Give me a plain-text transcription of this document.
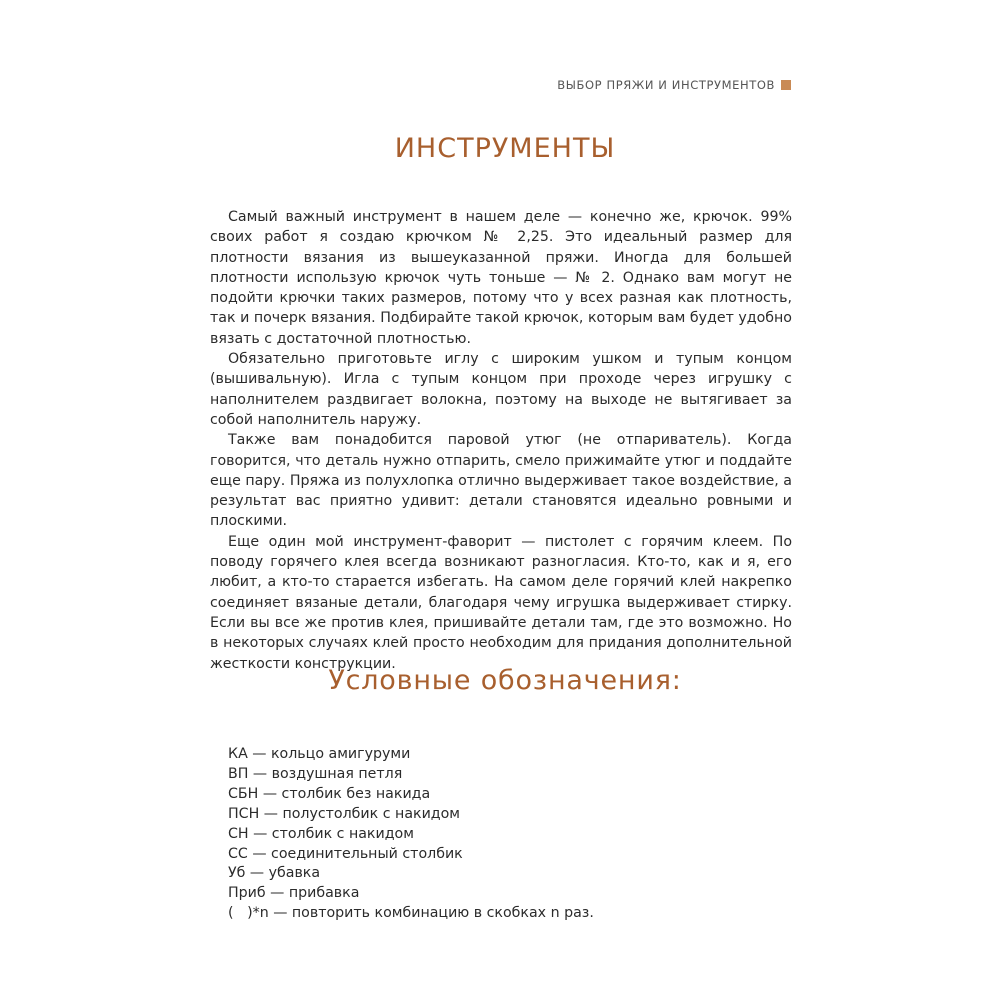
ВЫБОР ПРЯЖИ И ИНСТРУМЕНТОВ
ИНСТРУМЕНТЫ

Самый важный инструмент в нашем деле — конечно же, крючок. 99% своих работ я создаю крючком № 2,25. Это идеальный размер для плотности вязания из вышеуказанной пряжи. Иногда для большей плотности использую крючок чуть тоньше — № 2. Однако вам могут не подойти крючки таких размеров, потому что у всех разная как плотность, так и почерк вязания. Подбирайте такой крючок, которым вам будет удобно вязать с достаточной плотностью.

Обязательно приготовьте иглу с широким ушком и тупым концом (вышивальную). Игла с тупым концом при проходе через игрушку с наполнителем раздвигает волокна, поэтому на выходе не вытягивает за собой наполнитель наружу.

Также вам понадобится паровой утюг (не отпариватель). Когда говорится, что деталь нужно отпарить, смело прижимайте утюг и поддайте еще пару. Пряжа из полухлопка отлично выдерживает такое воздействие, а результат вас приятно удивит: детали становятся идеально ровными и плоскими.

Еще один мой инструмент-фаворит — пистолет с горячим клеем. По поводу горячего клея всегда возникают разногласия. Кто-то, как и я, его любит, а кто-то старается избегать. На самом деле горячий клей накрепко соединяет вязаные детали, благодаря чему игрушка выдерживает стирку. Если вы все же против клея, пришивайте детали там, где это возможно. Но в некоторых случаях клей просто необходим для придания дополнительной жесткости конструкции.

Условные обозначения:
КА — кольцо амигуруми
ВП — воздушная петля
СБН — столбик без накида
ПСН — полустолбик с накидом
СН — столбик с накидом
СС — соединительный столбик
Уб — убавка
Приб — прибавка
(   )*n — повторить комбинацию в скобках n раз.
